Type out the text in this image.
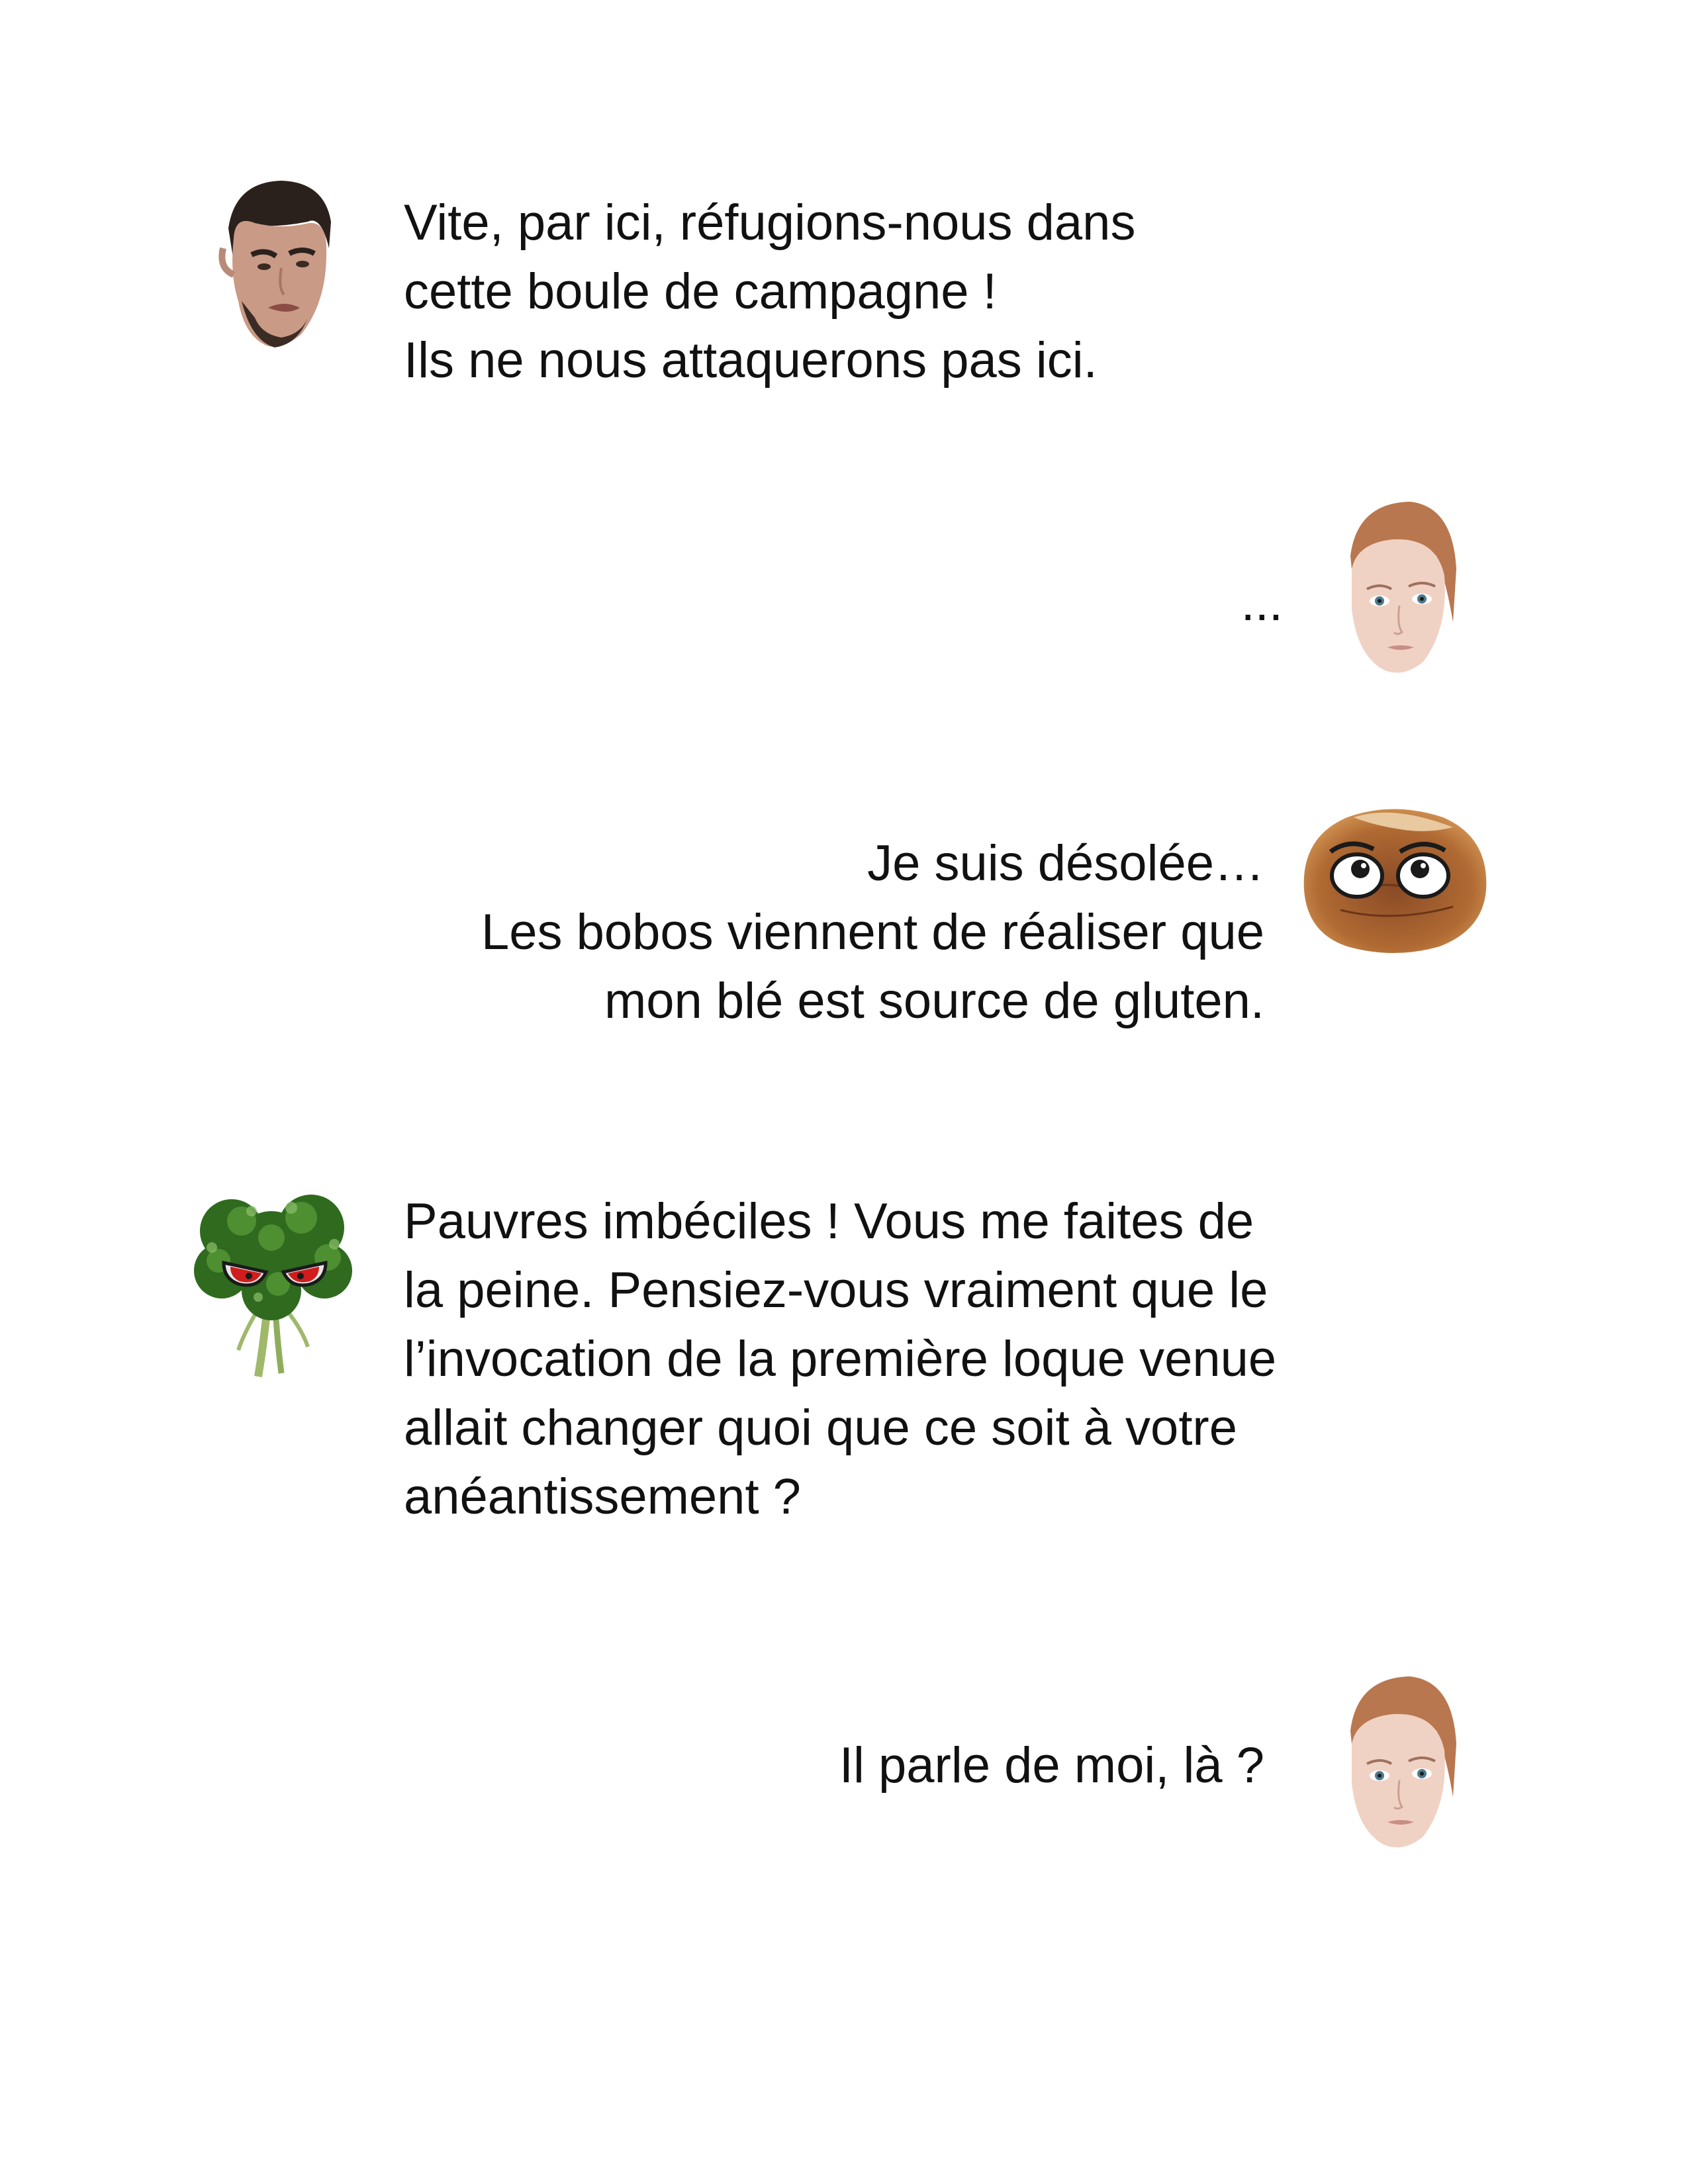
Vite, par ici, réfugions-nous dans
cette boule de campagne !
Ils ne nous attaquerons pas ici.
...
Je suis désolée…
Les bobos viennent de réaliser que
mon blé est source de gluten.
Pauvres imbéciles ! Vous me faites de
la peine. Pensiez-vous vraiment que le
l’invocation de la première loque venue
allait changer quoi que ce soit à votre
anéantissement ?
Il parle de moi, là ?
